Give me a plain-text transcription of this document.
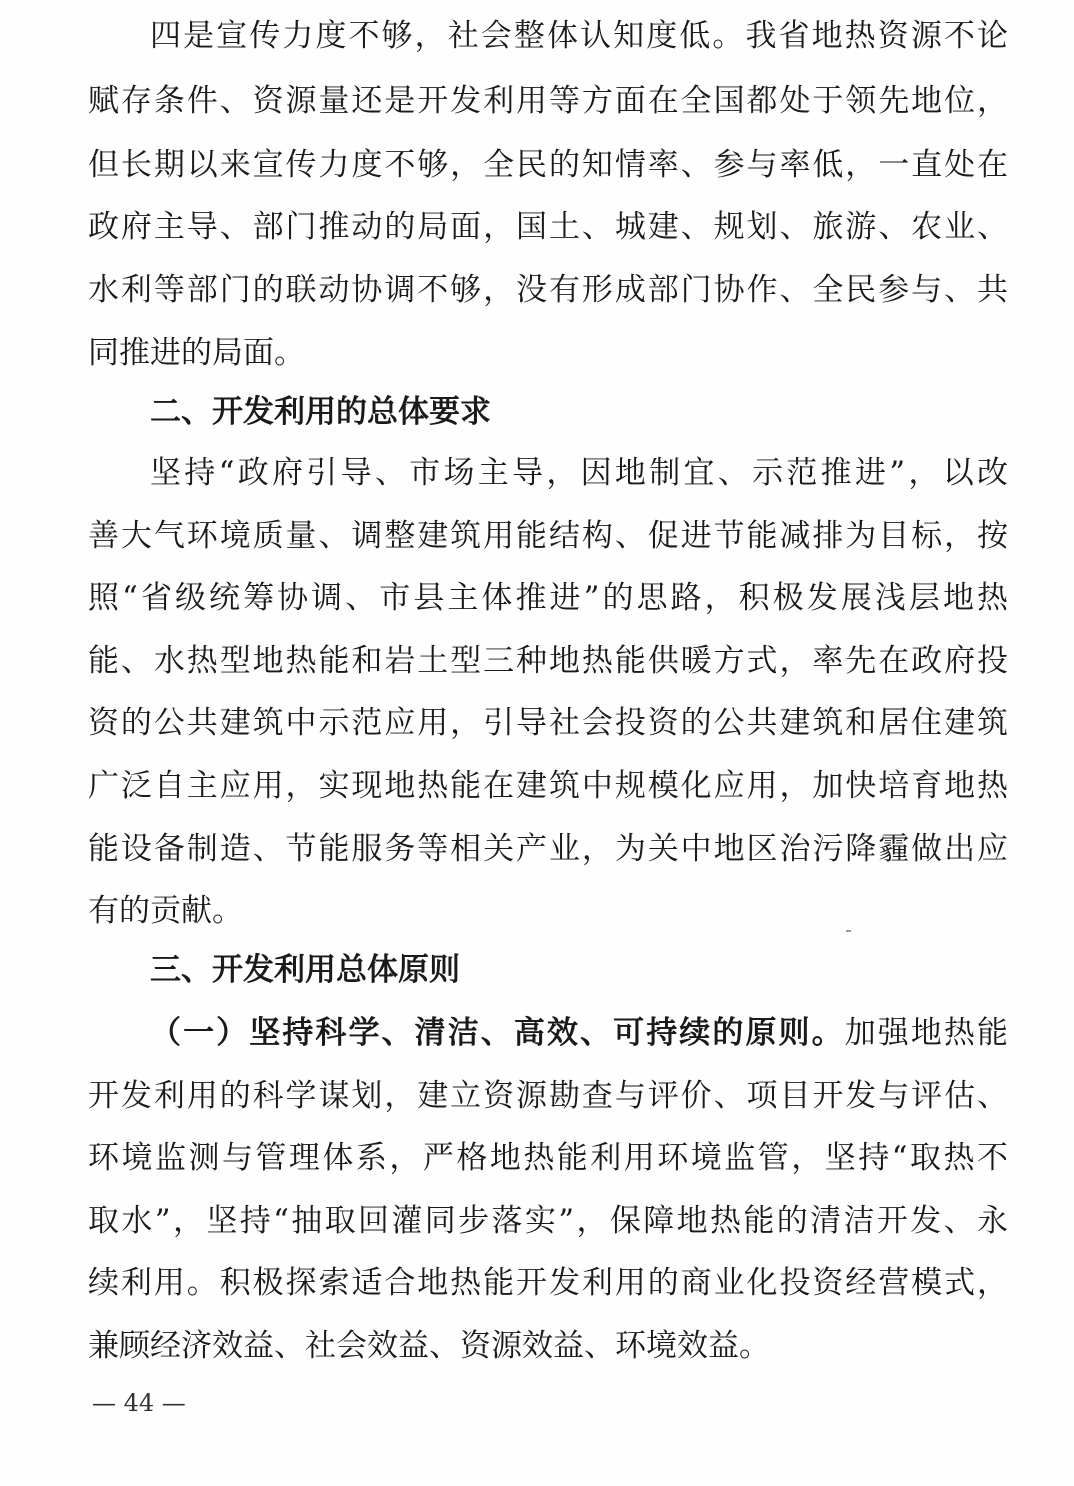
四是宣传力度不够，社会整体认知度低。我省地热资源不论
赋存条件、资源量还是开发利用等方面在全国都处于领先地位，
但长期以来宣传力度不够，全民的知情率、参与率低，一直处在
政府主导、部门推动的局面，国土、城建、规划、旅游、农业、
水利等部门的联动协调不够，没有形成部门协作、全民参与、共
同推进的局面。
二、开发利用的总体要求
坚持“政府引导、市场主导，因地制宜、示范推进”，以改
善大气环境质量、调整建筑用能结构、促进节能减排为目标，按
照“省级统筹协调、市县主体推进”的思路，积极发展浅层地热
能、水热型地热能和岩土型三种地热能供暖方式，率先在政府投
资的公共建筑中示范应用，引导社会投资的公共建筑和居住建筑
广泛自主应用，实现地热能在建筑中规模化应用，加快培育地热
能设备制造、节能服务等相关产业，为关中地区治污降霾做出应
有的贡献。
三、开发利用总体原则
（一）坚持科学、清洁、高效、可持续的原则。加强地热能
开发利用的科学谋划，建立资源勘查与评价、项目开发与评估、
环境监测与管理体系，严格地热能利用环境监管，坚持“取热不
取水”，坚持“抽取回灌同步落实”，保障地热能的清洁开发、永
续利用。积极探索适合地热能开发利用的商业化投资经营模式，
兼顾经济效益、社会效益、资源效益、环境效益。
— 44 —
